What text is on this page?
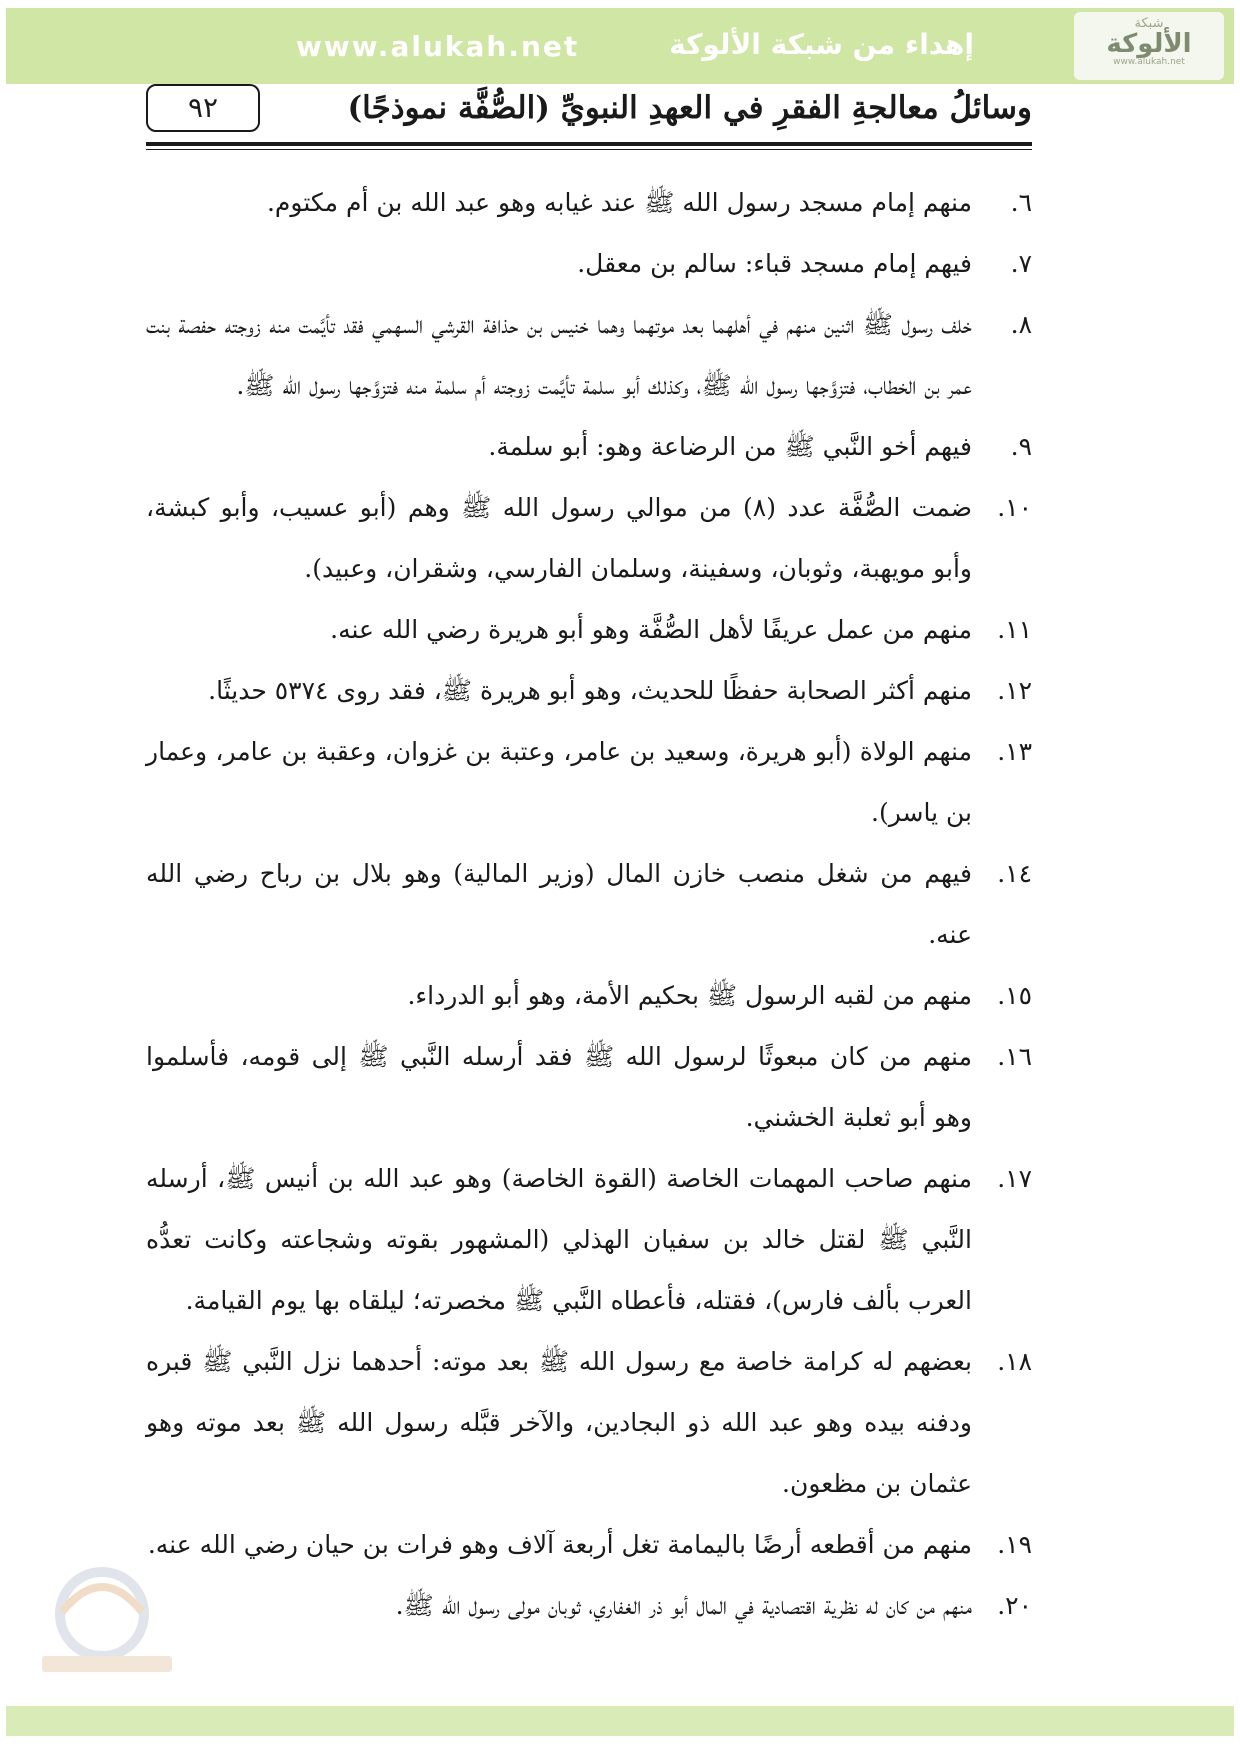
www.alukah.net	إهداء من شبكة الألوكة
شبكة
الألوكة
www.alukah.net
وسائلُ معالجةِ الفقرِ في العهدِ النبويِّ (الصُّفَّة نموذجًا)
٩٢
٦.
منهم إمام مسجد رسول الله ﷺ عند غيابه وهو عبد الله بن أم مكتوم.
٧.
فيهم إمام مسجد قباء: سالم بن معقل.
٨.
خلف رسول ﷺ اثنين منهم في أهلهما بعد موتهما وهما خنيس بن حذافة القرشي السهمي فقد تأيَّمت منه زوجته حفصة بنت عمر بن الخطاب، فتزوَّجها رسول الله ﷺ، وكذلك أبو سلمة تأيَّمت زوجته أم سلمة منه فتزوَّجها رسول الله ﷺ.
٩.
فيهم أخو النَّبي ﷺ من الرضاعة وهو: أبو سلمة.
١٠.
ضمت الصُّفَّة عدد (٨) من موالي رسول الله ﷺ وهم (أبو عسيب، وأبو كبشة، وأبو مويهبة، وثوبان، وسفينة، وسلمان الفارسي، وشقران، وعبيد).
١١.
منهم من عمل عريفًا لأهل الصُّفَّة وهو أبو هريرة رضي الله عنه.
١٢.
منهم أكثر الصحابة حفظًا للحديث، وهو أبو هريرة ﷺ، فقد روى ٥٣٧٤ حديثًا.
١٣.
منهم الولاة (أبو هريرة، وسعيد بن عامر، وعتبة بن غزوان، وعقبة بن عامر، وعمار بن ياسر).
١٤.
فيهم من شغل منصب خازن المال (وزير المالية) وهو بلال بن رباح رضي الله عنه.
١٥.
منهم من لقبه الرسول ﷺ بحكيم الأمة، وهو أبو الدرداء.
١٦.
منهم من كان مبعوثًا لرسول الله ﷺ فقد أرسله النَّبي ﷺ إلى قومه، فأسلموا وهو أبو ثعلبة الخشني.
١٧.
منهم صاحب المهمات الخاصة (القوة الخاصة) وهو عبد الله بن أنيس ﷺ، أرسله النَّبي ﷺ لقتل خالد بن سفيان الهذلي (المشهور بقوته وشجاعته وكانت تعدُّه العرب بألف فارس)، فقتله، فأعطاه النَّبي ﷺ مخصرته؛ ليلقاه بها يوم القيامة.
١٨.
بعضهم له كرامة خاصة مع رسول الله ﷺ بعد موته: أحدهما نزل النَّبي ﷺ قبره ودفنه بيده وهو عبد الله ذو البجادين، والآخر قبَّله رسول الله ﷺ بعد موته وهو عثمان بن مظعون.
١٩.
منهم من أقطعه أرضًا باليمامة تغل أربعة آلاف وهو فرات بن حيان رضي الله عنه.
٢٠.
منهم من كان له نظرية اقتصادية في المال أبو ذر الغفاري، ثوبان مولى رسول الله ﷺ.
